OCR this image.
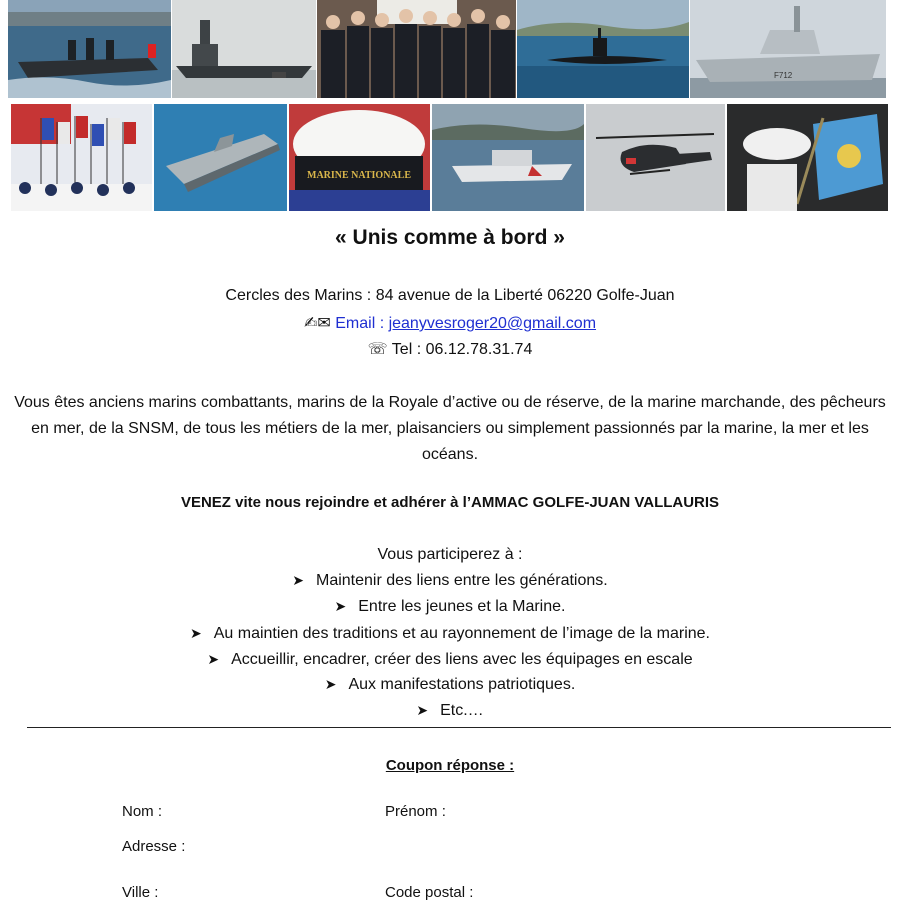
F712
MARINE NATIONALE
« Unis comme à bord »
Cercles des Marins : 84 avenue de la Liberté 06220 Golfe-Juan
✍✉ Email : jeanyvesroger20@gmail.com
☏ Tel : 06.12.78.31.74
Vous êtes anciens marins combattants, marins de la Royale d’active ou de réserve, de la marine marchande, des pêcheurs en mer, de la SNSM, de tous les métiers de la mer, plaisanciers ou simplement passionnés par la marine, la mer et les océans.
VENEZ vite nous rejoindre et adhérer à l’AMMAC GOLFE-JUAN VALLAURIS
Vous participerez à :
➤ Maintenir des liens entre les générations.
➤ Entre les jeunes et la Marine.
➤ Au maintien des traditions et au rayonnement de l’image de la marine.
➤ Accueillir, encadrer, créer des liens avec les équipages en escale
➤ Aux manifestations patriotiques.
➤ Etc.…
Coupon réponse :
Nom :	Prénom :
Adresse :
Ville :	Code postal :
